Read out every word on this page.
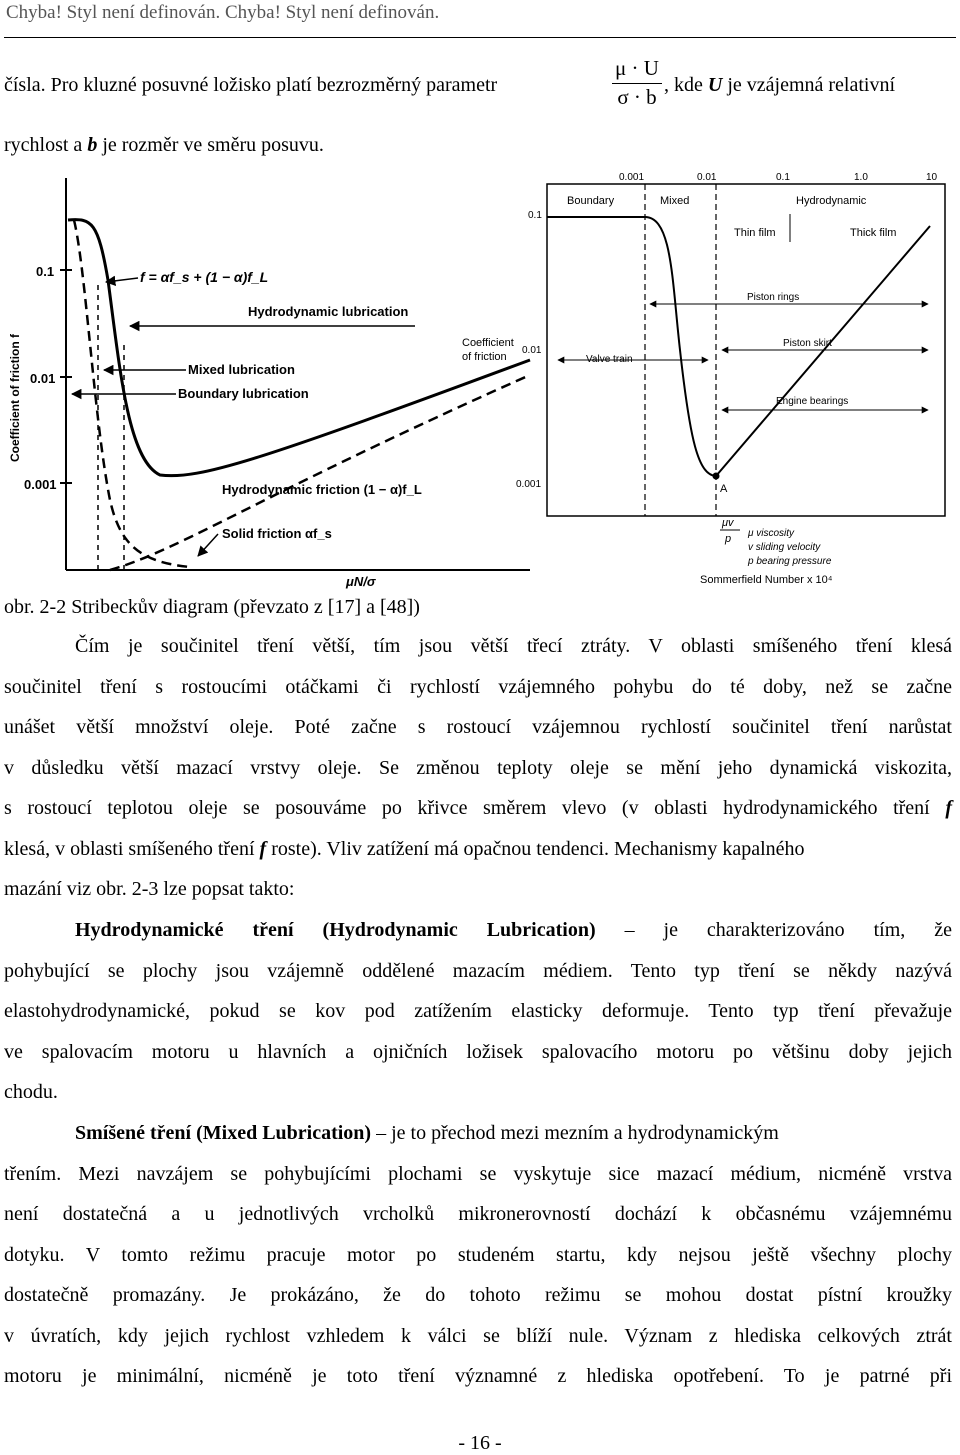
Chyba! Styl není definován. Chyba! Styl není definován.
čísla. Pro kluzné posuvné ložisko platí bezrozměrný parametr	$\frac{\mu \cdot U}{\sigma \cdot b}$ , kde U je vzájemná relativní
rychlost a b je rozměr ve směru posuvu.
0.1
0.01
0.001
Coefficient of friction f
f = αf_s + (1 − α)f_L
Hydrodynamic lubrication
Mixed lubrication
Boundary lubrication
Hydrodynamic friction (1 − α)f_L
Solid friction αf_s
μN/σ
0.001	0.01	0.1	1.0	10
0.1
0.01
0.001
Coefficient
of friction
Boundary	Mixed	Hydrodynamic
Thin film	Thick film
A
Piston rings
Piston skirt
Valve train
Engine bearings
μv
p μ viscosity
v sliding velocity
p bearing pressure
Sommerfield Number x 10⁴
obr. 2-2 Stribeckův diagram (převzato z [17] a [48])
Čím je součinitel tření větší, tím jsou větší třecí ztráty. V oblasti smíšeného tření klesá
součinitel tření s rostoucími otáčkami či rychlostí vzájemného pohybu do té doby, než se začne
unášet větší množství oleje. Poté začne s rostoucí vzájemnou rychlostí součinitel tření narůstat
v důsledku větší mazací vrstvy oleje. Se změnou teploty oleje se mění jeho dynamická viskozita,
s rostoucí teplotou oleje se posouváme po křivce směrem vlevo (v oblasti hydrodynamického tření f
klesá, v oblasti smíšeného tření f roste). Vliv zatížení má opačnou tendenci. Mechanismy kapalného
mazání viz obr. 2-3 lze popsat takto:
Hydrodynamické tření (Hydrodynamic Lubrication) – je charakterizováno tím, že
pohybující se plochy jsou vzájemně oddělené mazacím médiem. Tento typ tření se někdy nazývá
elastohydrodynamické, pokud se kov pod zatížením elasticky deformuje. Tento typ tření převažuje
ve spalovacím motoru u hlavních a ojničních ložisek spalovacího motoru po většinu doby jejich
chodu.
Smíšené tření (Mixed Lubrication) – je to přechod mezi mezním a hydrodynamickým
třením. Mezi navzájem se pohybujícími plochami se vyskytuje sice mazací médium, nicméně vrstva
není dostatečná a u jednotlivých vrcholků mikronerovností dochází k občasnému vzájemnému
dotyku. V tomto režimu pracuje motor po studeném startu, kdy nejsou ještě všechny plochy
dostatečně promazány. Je prokázáno, že do tohoto režimu se mohou dostat pístní kroužky
v úvratích, kdy jejich rychlost vzhledem k válci se blíží nule. Význam z hlediska celkových ztrát
motoru je minimální, nicméně je toto tření významné z hlediska opotřebení. To je patrné při
- 16 -
